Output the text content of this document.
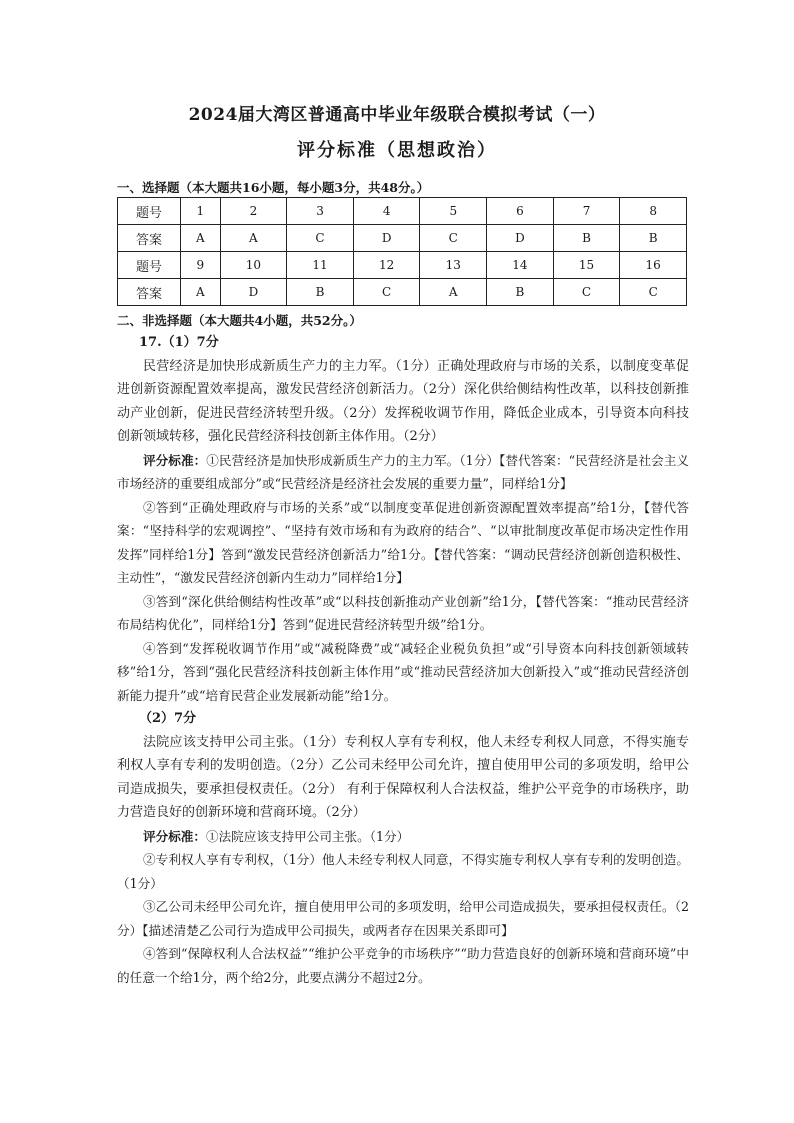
2024届大湾区普通高中毕业年级联合模拟考试（一）
评分标准（思想政治）
一、选择题（本大题共16小题，每小题3分，共48分。）
题号	1	2	3	4	5	6	7	8
答案	A	A	C	D	C	D	B	B
题号	9	10	11	12	13	14	15	16
答案	A	D	B	C	A	B	C	C
二、非选择题（本大题共4小题，共52分。）
17.（1）7分

民营经济是加快形成新质生产力的主力军。（1分）正确处理政府与市场的关系，以制度变革促进创新资源配置效率提高，激发民营经济创新活力。（2分）深化供给侧结构性改革，以科技创新推动产业创新，促进民营经济转型升级。（2分）发挥税收调节作用，降低企业成本，引导资本向科技创新领域转移，强化民营经济科技创新主体作用。（2分）

评分标准：①民营经济是加快形成新质生产力的主力军。（1分）【替代答案：“民营经济是社会主义市场经济的重要组成部分”或“民营经济是经济社会发展的重要力量”，同样给1分】

②答到“正确处理政府与市场的关系”或“以制度变革促进创新资源配置效率提高”给1分，【替代答案：“坚持科学的宏观调控”、“坚持有效市场和有为政府的结合”、“以审批制度改革促市场决定性作用发挥”同样给1分】答到“激发民营经济创新活力”给1分。【替代答案：“调动民营经济创新创造积极性、主动性”，“激发民营经济创新内生动力”同样给1分】

③答到“深化供给侧结构性改革”或“以科技创新推动产业创新”给1分，【替代答案：“推动民营经济布局结构优化”，同样给1分】答到“促进民营经济转型升级”给1分。

④答到“发挥税收调节作用”或“减税降费”或“减轻企业税负负担”或“引导资本向科技创新领域转移”给1分，答到“强化民营经济科技创新主体作用”或“推动民营经济加大创新投入”或“推动民营经济创新能力提升”或“培育民营企业发展新动能”给1分。

（2）7分

法院应该支持甲公司主张。（1分）专利权人享有专利权，他人未经专利权人同意，不得实施专利权人享有专利的发明创造。（2分）乙公司未经甲公司允许，擅自使用甲公司的多项发明，给甲公司造成损失，要承担侵权责任。（2分） 有利于保障权利人合法权益，维护公平竞争的市场秩序，助力营造良好的创新环境和营商环境。（2分）

评分标准：①法院应该支持甲公司主张。（1分）

②专利权人享有专利权，（1分）他人未经专利权人同意，不得实施专利权人享有专利的发明创造。（1分）

③乙公司未经甲公司允许，擅自使用甲公司的多项发明，给甲公司造成损失，要承担侵权责任。（2分）【描述清楚乙公司行为造成甲公司损失，或两者存在因果关系即可】

④答到“保障权利人合法权益”“维护公平竞争的市场秩序”“助力营造良好的创新环境和营商环境”中的任意一个给1分，两个给2分，此要点满分不超过2分。
